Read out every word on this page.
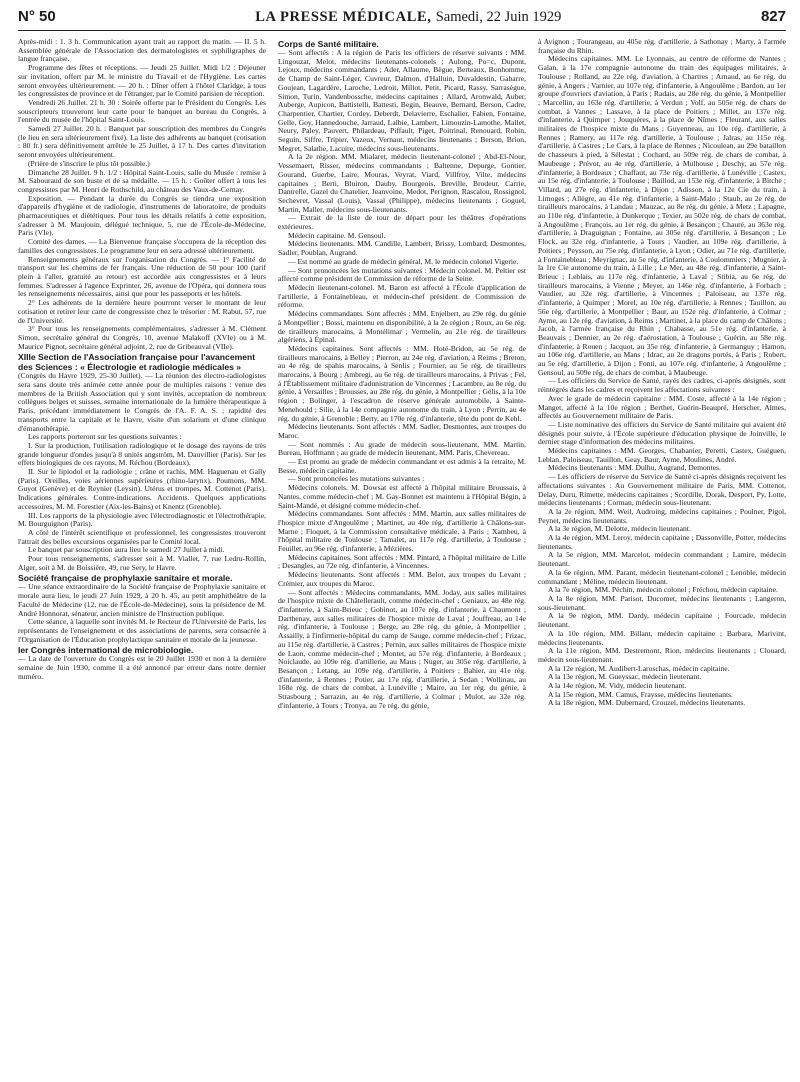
N° 50	LA PRESSE MÉDICALE, Samedi, 22 Juin 1929	827

Après-midi : 1. 3 h. Communication ayant trait au rapport du matin. — II. 5 h. Assemblée générale de l'Association des dermatologistes et syphiligraphes de langue française.

Programme des fêtes et réceptions. — Jeudi 25 Juillet. Midi 1/2 : Déjeuner sur invitation, offert par M. le ministre du Travail et de l'Hygiène. Les cartes seront envoyées ultérieurement. — 20 h. : Dîner offert à l'hôtel Claridge, à tous les congressistes de province et de l'étranger, par le Comité parisien de réception.

Vendredi 26 Juillet. 21 h. 30 : Soirée offerte par le Président du Congrès. Les souscripteurs trouveront leur carte pour le banquet au bureau du Congrès, à l'entrée du musée de l'hôpital Saint-Louis.

Samedi 27 Juillet. 20 h. : Banquet par souscription des membres du Congrès (le lieu en sera ultérieurement fixé). La liste des adhérents au banquet (cotisation : 80 fr.) sera définitivement arrêtée le 25 Juillet, à 17 h. Des cartes d'invitation seront envoyées ultérieurement.

(Prière de s'inscrire le plus tôt possible.)

Dimanche 28 Juillet. 9 h. 1/2 : Hôpital Saint-Louis, salle du Musée : remise à M. Sabouraud de son buste et de sa médaille. — 15 h. : Goûter offert à tous les congressistes par M. Henri de Rothschild, au château des Vaux-de-Cernay.

Exposition. — Pendant la durée du Congrès se tiendra une exposition d'appareils d'hygiène et de radiologie, d'instruments de laboratoire, de produits pharmaceutiques et diététiques. Pour tous les détails relatifs à cette exposition, s'adresser à M. Maujouin, délégué technique, 5, rue de l'École-de-Médecine, Paris (VIe).

Comité des dames. — La Bienvenue française s'occupera de la réception des familles des congressistes. Le programme leur en sera adressé ultérieurement.

Renseignements généraux sur l'organisation du Congrès. — 1° Facilité de transport sur les chemins de fer français. Une réduction de 50 pour 100 (tarif plein à l'aller, gratuité au retour) est accordée aux congressistes et à leurs femmes. S'adresser à l'agence Exprinter, 26, avenue de l'Opéra, qui donnera tous les renseignements nécessaires, ainsi que pour les passeports et les hôtels.

2° Les adhérents de la dernière heure pourront verser le montant de leur cotisation et retirer leur carte de congressiste chez le trésorier : M. Rabut, 57, rue de l'Université.

3° Pour tous les renseignements complémentaires, s'adresser à M. Clément Simon, secrétaire général du Congrès, 10, avenue Malakoff (XVIe) ou à M. Maurice Pignot, secrétaire général adjoint, 2, rue de Gribeauval (VIIe).

XIIIe Section de l'Association française pour l'avancement des Sciences : « Électrologie et radiologie médicales »

(Congrès du Havre 1929, 25-30 Juillet). — La réunion des électro-radiologistes sera sans doute très animée cette année pour de multiples raisons : venue des membres de la British Association qui y sont invités, acceptation de nombreux collègues belges et suisses, semaine internationale de la lumière thérapeutique à Paris, précédant immédiatement le Congrès de l'A. F. A. S. ; rapidité des transports entre la capitale et le Havre, visite d'un solarium et d'une clinique d'émanothérapie.

Les rapports porteront sur les questions suivantes :

I. Sur la production, l'utilisation radiologique et le dosage des rayons de très grande longueur d'ondes jusqu'à 8 unités angström, M. Dauvillier (Paris). Sur les effets biologiques de ces rayons, M. Réchou (Bordeaux).

II. Sur le lipiodol et la radiologie ; crâne et rachis, MM. Haguenau et Gally (Paris). Oreilles, voies aériennes supérieures (rhino-larynx), Poumons, MM. Guyot (Genève) et de Reynier (Leysin). Utérus et trompes, M. Cottenot (Paris). Indications générales. Contre-indications. Accidents. Quelques applications accessoires, M. M. Forestier (Aix-les-Bains) et Knentz (Grenoble).

III. Les rapports de la physiologie avec l'électrodiagnostic et l'électrothérapie, M. Bourguignon (Paris).

A côté de l'intérêt scientifique et professionnel, les congressistes trouveront l'attrait des belles excursions organisées par le Comité local.

Le banquet par souscription aura lieu le samedi 27 Juillet à midi.

Pour tous renseignements, s'adresser soit à M. Viallet, 7, rue Ledru-Rollin, Alger, soit à M. de Boissière, 49, rue Sery, le Havre.

Société française de prophylaxie sanitaire et morale.

— Une séance extraordinaire de la Société française de Prophylaxie sanitaire et morale aura lieu, le jeudi 27 Juin 1929, à 20 h. 45, au petit amphithéâtre de la Faculté de Médecine (12, rue de l'École-de-Médecine), sous la présidence de M. André Honnorat, sénateur, ancien ministre de l'Instruction publique.

Cette séance, à laquelle sont invités M. le Recteur de l'Université de Paris, les représentants de l'enseignement et des associations de parents, sera consacrée à l'Organisation de l'Éducation prophylactique sanitaire et morale de la jeunesse.

Ier Congrès international de microbiologie.

— La date de l'ouverture du Congrès est le 20 Juillet 1930 et non à la dernière semaine de Juin 1930, comme il a été annoncé par erreur dans notre dernier numéro.

Corps de Santé militaire.

— Sont affectés : A la région de Paris les officiers de réserve suivants : MM. Lingouzat, Melot, médecins lieutenants-colonels ; Aulong, Po=c, Dupont, Lejoux, médecins commandants ; Ader, Allaume, Bègue, Berteaux, Bonhomme, de Champ de Saint-Léger, Cuvreur, Dalmon, d'Halluin, Duvaldestin, Gabarre, Goujean, Lagardère, Laroche, Ledroit, Millot, Petit, Picard, Rassy, Sarrasègue, Simon, Turin, Vandenbossche, médecins capitaines ; Allard, Aronwald, Auber, Auberge, Aupicon, Battistelli, Battesti, Begin, Beauve, Bernard, Berson, Cadre, Charpentier, Chartier, Cordey, Deberdt, Delavierre, Eschalier, Fabien, Fontaine, Gelle, Goy, Hannedouche, Jarraud, Lalbie, Lambert, Limouzin-Lamothe, Mallet, Neury, Paley, Pauvert, Philardeau, Piffault, Piget, Poitrinal, Renouard, Robin, Seguin, Siffre, Tripier, Vazeux, Vernaut, médecins lieutenants ; Berson, Brion, Megret, Salathe, Lacuire, médecins sous-lieutenants.

A la 2e région. MM. Mialaret, médecin lieutenant-colonel ; Abd-El-Nour, Vessemaert, Risser, médecins commandants ; Baltenne, Depurge, Gontier, Gourand, Guerbe, Laire, Mouras, Veyrat, Viard, Villfroy, Vilte, médecins capitaines ; Berti, Bluiron, Dauby, Bourgeois, Breville, Brodeur, Carrie, Dantrelle, Gazel du Chatelier, Jeanvoine, Medot, Perignon, Rascalou, Rossignol, Sechevret, Vassal (Louis), Vassal (Philippe), médecins lieutenants ; Goguel, Martin, Maller, médecins sous-lieutenants.

— Extrait de la liste de tour de départ pour les théâtres d'opérations extérieures.

Médecin capitaine. M. Gensoul.

Médecins lieutenants. MM. Candille, Lambert, Brissy, Lombard, Desmontes, Sadler, Poublan, Augrand.

— Est nommé au grade de médecin général, M. le médecin colonel Vigerie.

— Sont prononcées les mutations suivantes : Médecin colonel. M. Peltier est affecté comme président de Commission de réforme de la Seine.

Médecin lieutenant-colonel. M. Baron est affecté à l'École d'application de l'artillerie, à Fontainebleau, et médecin-chef président de Commission de réforme.

Médecins commandants. Sont affectés : MM. Enjelbert, au 29e rég. du génie à Montpellier ; Bossi, maintenu en disponibilité, à la 2e région ; Roux, au 6e rég. de tirailleurs marocains, à Montélimar ; Vermelin, au 21e rég. de tirailleurs algériens, à Épinal.

Médecins capitaines. Sont affectés : MM. Hoté-Bridon, au 5e rég. de tirailleurs marocains, à Belley ; Pierron, au 24e rég. d'aviation, à Reims ; Breton, au 4e rég. de spahis marocains, à Senlis ; Fournier, au 5e rég. de tirailleurs marocains, à Bourg ; Ambregi, au 6e rég. de tirailleurs marocains, à Privas ; Fel, à l'Établissement militaire d'adunistration de Vincennes ; Lacambre, au 8e rég. du génie, à Versailles ; Brousses, au 28e rég. du génie, à Montpellier ; Gélis, à la 10e région ; Bolinger, à l'escadron de réserve générale automobile, à Sainte-Menehould ; Silie, à la 14e compagnie autonome du train, à Lyon ; Perrin, au 4e rég. du génie, à Grenoble ; Berty, au 170e rég. d'infanterie, tête du pont de Kehl.

Médecins lieutenants. Sont affectés : MM. Sadler, Desmontes, aux troupes du Maroc.

— Sont nommés : Au grade de médecin sous-lieutenant, MM. Martin, Bureau, Hoffmann ; au grade de médecin lieutenant, MM. Paris, Chevereau.

— Est promu au grade de médecin commandant et est admis à la retraite, M. Besse, médecin capitaine.

— Sont prononcées les mutations suivantes :

Médecins colonels. M. Dowsat est affecté à l'hôpital militaire Broussais, à Nantes, comme médecin-chef ; M. Gay-Bonnet est maintenu à l'Hôpital Bégin, à Saint-Mandé, et désigné comme médecin-chef.

Médecins commandants. Sont affectés : MM. Martin, aux salles militaires de l'hospice mixte d'Angoulême ; Martinet, au 40e rég. d'artillerie à Châlons-sur-Marne ; Floquet, à la Commission consultative médicale, à Paris ; Xambeu, à l'hôpital militaire de Toulouse ; Tamalet, au 117e rég. d'artillerie, à Toulouse ; Feuillet, au 96e rég. d'infanterie, à Mézières.

Médecins capitaines. Sont affectés : MM. Pintard, à l'hôpital militaire de Lille ; Desangles, au 72e rég. d'infanterie, à Vincennes.

Médecins lieutenants. Sont affectés : MM. Belot, aux troupes du Levant ; Crémier, aux troupes du Maroc.

— Sont affectés : Médecins commandants, MM. Joday, aux salles militaires de l'hospice mixte de Châtellerault, comme médecin-chef ; Geniaux, au 48e rég. d'infanterie, à Saint-Brieuc ; Gobinot, au 107e rég. d'infanterie, à Chaumont ; Darthenay, aux salles militaires de l'hospice mixte de Laval ; Jouffreau, au 14e rég. d'infanterie, à Toulouse ; Berge, au 28e rég. du génie, à Montpellier ; Assailly, à l'infirmerie-hôpital du camp de Sauge, comme médecin-chef ; Frizac, au 115e rég. d'artillerie, à Castres ; Pernin, aux salles militaires de l'hospice mixte de Laon, comme médecin-chef ; Montet, au 57e rég. d'infanterie, à Bordeaux ; Noiclaude, au 109e rég. d'artillerie, au Maus ; Nuger, au 305e rég. d'artillerie, à Besançon ; Letang, au 109e rég. d'artillerie, à Poitiers ; Bahier, au 41e rég. d'infanterie, à Rennes ; Potier, au 17e rég. d'artillerie, à Sedan ; Wollinau, au 168e rég. de chars de combat, à Lunéville ; Maire, au 1er rég. du génie, à Strasbourg ; Sarrazin, au 4e rég. d'artillerie, à Colmar ; Mulot, au 32e rég. d'infanterie, à Tours ; Tronya, au 7e rég. du génie,

à Avignon ; Tourangeau, au 405e rég. d'artillerie, à Sathonay ; Marty, à l'armée française du Rhin.

Médecins capitaines. MM. Le Lyonnais, au centre de réforme de Nantes ; Galan, à la 17e compagnie autonome du train des équipages militaires, à Toulouse ; Rolland, au 22e rég. d'aviation, à Chartres ; Arnaud, au 6e rég. du génie, à Angers ; Varnier, au 107e rég. d'infanterie, à Angoulême ; Bardon, au 1er groupe d'ouvriers d'aviation, à Paris ; Radais, au 28e rég. du génie, à Montpellier ; Marcellin, au 163e rég. d'artillerie, à Verdun ; Volf, au 505e rég. de chars de combat, à Vannes ; Lassave, à la place de Poitiers ; Millet, au 137e rég. d'infanterie, à Quimper ; Jouquères, à la place de Nîmes ; Fleurant, aux salles militaires de l'hospice mixte du Mans ; Guyenneau, au 10e rég. d'artillerie, à Rennes ; Ramery, au 117e rég. d'artillerie, à Toulouse ; Jalras, au 115e rég. d'artillerie, à Castres ; Le Cars, à la place de Rennes ; Nicoulean, au 29e bataillon de chasseurs à pied, à Sélestat ; Cochard, au 509e rég. de chars de combat, à Maubeuge ; Prévot, au 4e rég. d'artillerie, à Mulhouse ; Deschy, au 57e rég. d'infanterie, à Bordeaux ; Chaffaut, au 73e rég. d'artillerie, à Lunéville ; Castex, au 15e rég. d'infanterie, à Toulouse ; Baillod, au 153e rég. d'infanterie, à Bitche ; Villard, au 27e rég. d'infanterie, à Dijon ; Adisson, à la 12e Cie du train, à Limoges ; Allègre, au 41e rég. d'infanterie, à Saint-Malo ; Staub, au 2e rég. de tirailleurs marocains, à Landau ; Mauzac, au 8e rég. du génie, à Metz ; Lapagne, au 110e rég. d'infanterie, à Dunkerque ; Texier, au 502e rég. de chars de combat, à Angoulême ; François, au 1er rég. du génie, à Besançon ; Chauré, au 363e rég. d'artillerie, à Draguignan ; Fontaine, au 305e rég. d'artillerie, à Besançon ; Le Flock, au 32e rég. d'infanterie, à Tours ; Vaudier, au 109e rég. d'artillerie, à Poitiers ; Peysson, au 75e rég. d'infanterie, à Lyon ; Odier, au 71e rég. d'artillerie, à Fontainebleau ; Meyrignac, au 5e rég. d'infanterie, à Coulommiers ; Mugnier, à la 1re Cie autonome du train, à Lille ; Le Mer, au 48e rég. d'infanterie, à Saint-Brieuc ; Leblais, au 117e rég. d'infanterie, à Laval ; Stibia, au 6e rég. de tirailleurs marocains, à Vienne ; Meyer, au 146e rég. d'infanterie, à Forbach ; Vaudier, au 32e rég. d'artillerie, à Vincennes ; Paloiseau, au 137e rég. d'infanterie, à Quimper ; Morel, au 10e rég. d'artillerie, à Rennes ; Tauillon, au 56e rég. d'artillerie, à Montpellier ; Baur, au 152e rég. d'infanterie, à Colmar ; Ayme, au 12e rég. d'aviation, à Reims ; Martinet, à la place du camp de Châlons ; Jacob, à l'armée française du Rhin ; Chabasse, au 51e rég. d'infanterie, à Beauvais ; Dennier, au 2e rég. d'aérostation, à Toulouse ; Guérin, au 58e rég. d'infanterie, à Rouen ; Jacquot, au 35e rég. d'infanterie, à Germanguy ; Hamon, au 106e rég. d'artillerie, au Mans ; Idrac, au 2e dragons portés, à Paris ; Robert, au 5e rég. d'artillerie, à Dijon ; Fonti, au 107e rég. d'infanterie, à Angoulême ; Gensoul, au 509e rég. de chars de combat, à Maubeuge.

— Les officiers du Service de Santé, rayés des cadres, ci-après désignés, sont réintégrés dans les cadres et reçoivent les affectations suivantes :

Avec le grade de médecin capitaine : MM. Coste, affecté à la 14e région ; Manget, affecté à la 10e région ; Berthet, Guérin-Beaupré, Herscher, Almes, affectés au Gouvernement militaire de Paris.

— Liste nominative des officiers du Service de Santé militaire qui avaient été désignés pour suivre, à l'École supérieure d'éducation physique de Joinville, le dernier stage d'information des médecins militaires.

Médecins capitaines : MM. Georges, Chabanier, Peretti, Castex, Guéguen, Leblan, Paloiseau, Tauillon, Geay, Baur, Ayme, Moulines, André.

Médecins lieutenants : MM. Dulhu, Augrand, Demontes.

— Les officiers de réserve du Service de Santé ci-après désignés reçoivent les affectations suivantes : Au Gouvernement militaire de Paris, MM. Cottenot, Delay, Duru, Rimette, médecins capitaines ; Scordille, Dorak, Desport, Py, Lotte, médecins lieutenants ; Corman, médecin sous-lieutenant.

A la 2e région, MM. Weil, Audroing, médecins capitaines ; Poulner, Pigol, Peynet, médecins lieutenants.

A la 3e région, M. Delotte, médecin lieutenant.

A la 4e région, MM. Leroy, médecin capitaine ; Dassonville, Potter, médecins lieutenants.

A la 5e région, MM. Marcelot, médecin commandant ; Lamire, médecin lieutenant.

A la 6e région, MM. Parant, médecin lieutenant-colonel ; Lenoble, médecin commandant ; Méline, médecin lieutenant.

A la 7e région, MM. Péchin, médecin colonel ; Fréchou, médecin capitaine.

A la 8e région, MM. Parisot, Ducomet, médecins lieutenants ; Langeron, sous-lieutenant.

A la 9e région, MM. Dardy, médecin capitaine ; Fourcade, médecin lieutenant.

A la 10e région, MM. Billant, médecin capitaine ; Barbara, Marivint, médecins lieutenants.

A la 11e région, MM. Destremont, Rion, médecins lieutenants ; Clouard, médecin sous-lieutenant.

A la 12e région, M. Audibert-Laroschas, médecin capitaine.

A la 13e région, M. Gueyssac, médecin lieutenant.

A la 14e région, M. Vidy, médecin lieutenant.

A la 15e région, MM. Camus, Fraysse, médecins lieutenants.

A la 18e région, MM. Dubernard, Crouzel, médecins lieutenants.
